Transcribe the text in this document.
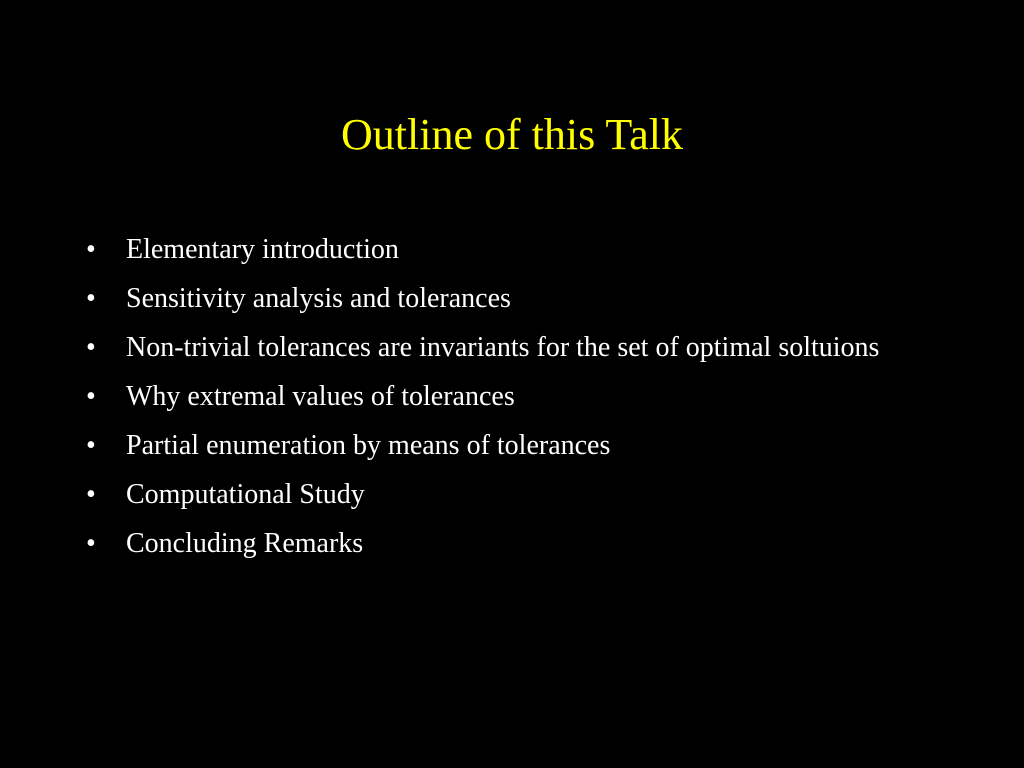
Outline of this Talk
• Elementary introduction
• Sensitivity analysis and tolerances
• Non-trivial tolerances are invariants for the set of optimal soltuions
• Why extremal values of tolerances
• Partial enumeration by means of tolerances
• Computational Study
• Concluding Remarks
